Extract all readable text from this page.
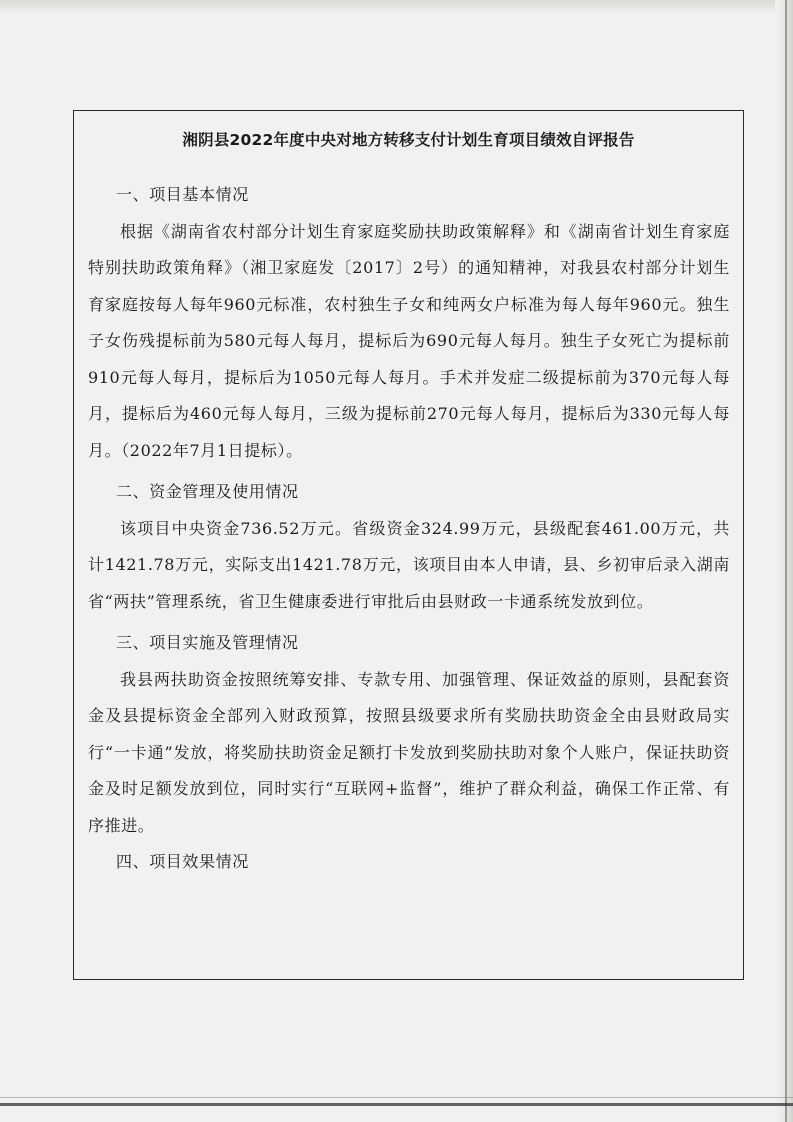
湘阴县2022年度中央对地方转移支付计划生育项目绩效自评报告
一、项目基本情况

根据《湖南省农村部分计划生育家庭奖励扶助政策解释》和《湖南省计划生育家庭特别扶助政策角释》（湘卫家庭发〔2017〕2号）的通知精神，对我县农村部分计划生育家庭按每人每年960元标准，农村独生子女和纯两女户标准为每人每年960元。独生子女伤残提标前为580元每人每月，提标后为690元每人每月。独生子女死亡为提标前910元每人每月，提标后为1050元每人每月。手术并发症二级提标前为370元每人每月，提标后为460元每人每月，三级为提标前270元每人每月，提标后为330元每人每月。（2022年7月1日提标）。

二、资金管理及使用情况

该项目中央资金736.52万元。省级资金324.99万元，县级配套461.00万元，共计1421.78万元，实际支出1421.78万元，该项目由本人申请，县、乡初审后录入湖南省“两扶”管理系统，省卫生健康委进行审批后由县财政一卡通系统发放到位。

三、项目实施及管理情况

我县两扶助资金按照统筹安排、专款专用、加强管理、保证效益的原则，县配套资金及县提标资金全部列入财政预算，按照县级要求所有奖励扶助资金全由县财政局实行“一卡通”发放，将奖励扶助资金足额打卡发放到奖励扶助对象个人账户，保证扶助资金及时足额发放到位，同时实行“互联网+监督”，维护了群众利益，确保工作正常、有序推进。

四、项目效果情况
